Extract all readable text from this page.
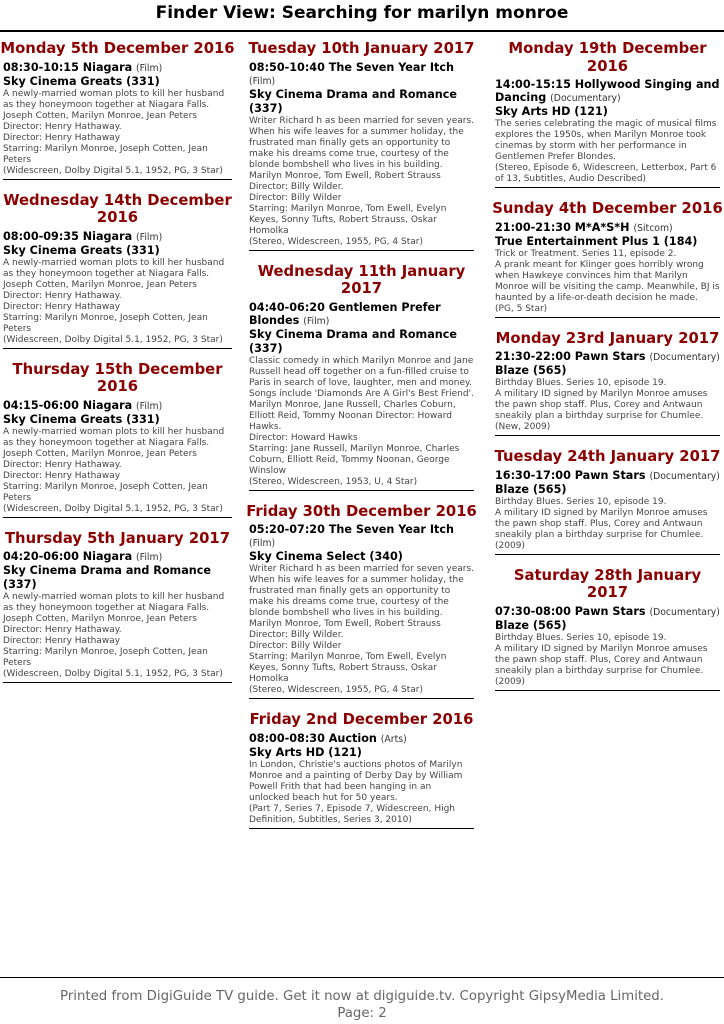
Finder View: Searching for marilyn monroe
Monday 5th December 2016
08:30-10:15 Niagara (Film)
Sky Cinema Greats (331)
A newly-married woman plots to kill her husband as they honeymoon together at Niagara Falls. Joseph Cotten, Marilyn Monroe, Jean Peters Director: Henry Hathaway.
Director: Henry Hathaway
Starring: Marilyn Monroe, Joseph Cotten, Jean Peters
(Widescreen, Dolby Digital 5.1, 1952, PG, 3 Star)
Wednesday 14th December 2016
08:00-09:35 Niagara (Film)
Sky Cinema Greats (331)
A newly-married woman plots to kill her husband as they honeymoon together at Niagara Falls. Joseph Cotten, Marilyn Monroe, Jean Peters Director: Henry Hathaway.
Director: Henry Hathaway
Starring: Marilyn Monroe, Joseph Cotten, Jean Peters
(Widescreen, Dolby Digital 5.1, 1952, PG, 3 Star)
Thursday 15th December 2016
04:15-06:00 Niagara (Film)
Sky Cinema Greats (331)
A newly-married woman plots to kill her husband as they honeymoon together at Niagara Falls. Joseph Cotten, Marilyn Monroe, Jean Peters Director: Henry Hathaway.
Director: Henry Hathaway
Starring: Marilyn Monroe, Joseph Cotten, Jean Peters
(Widescreen, Dolby Digital 5.1, 1952, PG, 3 Star)
Thursday 5th January 2017
04:20-06:00 Niagara (Film)
Sky Cinema Drama and Romance (337)
A newly-married woman plots to kill her husband as they honeymoon together at Niagara Falls. Joseph Cotten, Marilyn Monroe, Jean Peters Director: Henry Hathaway.
Director: Henry Hathaway
Starring: Marilyn Monroe, Joseph Cotten, Jean Peters
(Widescreen, Dolby Digital 5.1, 1952, PG, 3 Star)
Tuesday 10th January 2017
08:50-10:40 The Seven Year Itch (Film)
Sky Cinema Drama and Romance (337)
Writer Richard h as been married for seven years. When his wife leaves for a summer holiday, the frustrated man finally gets an opportunity to make his dreams come true, courtesy of the blonde bombshell who lives in his building. Marilyn Monroe, Tom Ewell, Robert Strauss Director: Billy Wilder.
Director: Billy Wilder
Starring: Marilyn Monroe, Tom Ewell, Evelyn Keyes, Sonny Tufts, Robert Strauss, Oskar Homolka
(Stereo, Widescreen, 1955, PG, 4 Star)
Wednesday 11th January 2017
04:40-06:20 Gentlemen Prefer Blondes (Film)
Sky Cinema Drama and Romance (337)
Classic comedy in which Marilyn Monroe and Jane Russell head off together on a fun-filled cruise to Paris in search of love, laughter, men and money. Songs include 'Diamonds Are A Girl's Best Friend'. Marilyn Monroe, Jane Russell, Charles Coburn, Elliott Reid, Tommy Noonan Director: Howard Hawks.
Director: Howard Hawks
Starring: Jane Russell, Marilyn Monroe, Charles Coburn, Elliott Reid, Tommy Noonan, George Winslow
(Stereo, Widescreen, 1953, U, 4 Star)
Friday 30th December 2016
05:20-07:20 The Seven Year Itch (Film)
Sky Cinema Select (340)
Writer Richard h as been married for seven years. When his wife leaves for a summer holiday, the frustrated man finally gets an opportunity to make his dreams come true, courtesy of the blonde bombshell who lives in his building. Marilyn Monroe, Tom Ewell, Robert Strauss Director: Billy Wilder.
Director: Billy Wilder
Starring: Marilyn Monroe, Tom Ewell, Evelyn Keyes, Sonny Tufts, Robert Strauss, Oskar Homolka
(Stereo, Widescreen, 1955, PG, 4 Star)
Friday 2nd December 2016
08:00-08:30 Auction (Arts)
Sky Arts HD (121)
In London, Christie's auctions photos of Marilyn Monroe and a painting of Derby Day by William Powell Frith that had been hanging in an unlocked beach hut for 50 years.
(Part 7, Series 7, Episode 7, Widescreen, High Definition, Subtitles, Series 3, 2010)
Monday 19th December 2016
14:00-15:15 Hollywood Singing and Dancing (Documentary)
Sky Arts HD (121)
The series celebrating the magic of musical films explores the 1950s, when Marilyn Monroe took cinemas by storm with her performance in Gentlemen Prefer Blondes.
(Stereo, Episode 6, Widescreen, Letterbox, Part 6 of 13, Subtitles, Audio Described)
Sunday 4th December 2016
21:00-21:30 M*A*S*H (Sitcom)
True Entertainment Plus 1 (184)
Trick or Treatment. Series 11, episode 2.
A prank meant for Klinger goes horribly wrong when Hawkeye convinces him that Marilyn Monroe will be visiting the camp. Meanwhile, BJ is haunted by a life-or-death decision he made.
(PG, 5 Star)
Monday 23rd January 2017
21:30-22:00 Pawn Stars (Documentary)
Blaze (565)
Birthday Blues. Series 10, episode 19.
A military ID signed by Marilyn Monroe amuses the pawn shop staff. Plus, Corey and Antwaun sneakily plan a birthday surprise for Chumlee.
(New, 2009)
Tuesday 24th January 2017
16:30-17:00 Pawn Stars (Documentary)
Blaze (565)
Birthday Blues. Series 10, episode 19.
A military ID signed by Marilyn Monroe amuses the pawn shop staff. Plus, Corey and Antwaun sneakily plan a birthday surprise for Chumlee.
(2009)
Saturday 28th January 2017
07:30-08:00 Pawn Stars (Documentary)
Blaze (565)
Birthday Blues. Series 10, episode 19.
A military ID signed by Marilyn Monroe amuses the pawn shop staff. Plus, Corey and Antwaun sneakily plan a birthday surprise for Chumlee.
(2009)
Printed from DigiGuide TV guide. Get it now at digiguide.tv. Copyright GipsyMedia Limited. Page: 2
